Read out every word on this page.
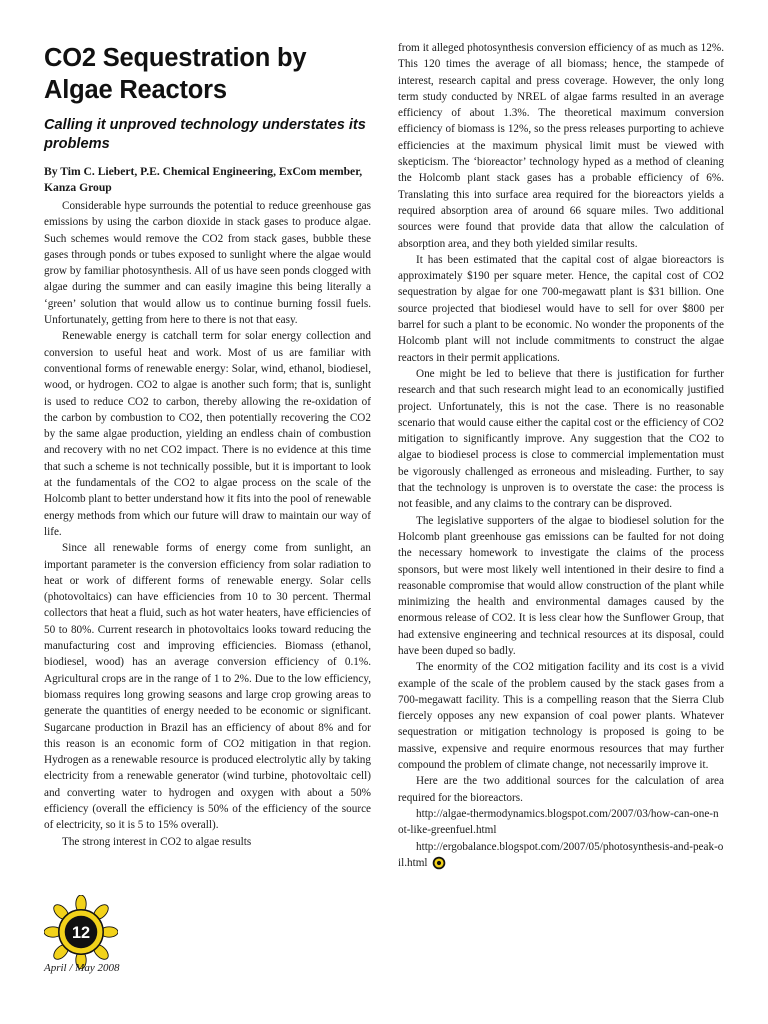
CO2 Sequestration by Algae Reactors
Calling it unproved technology understates its problems
By Tim C. Liebert, P.E. Chemical Engineering, ExCom member, Kanza Group

Considerable hype surrounds the potential to reduce greenhouse gas emissions by using the carbon dioxide in stack gases to produce algae. Such schemes would remove the CO2 from stack gases, bubble these gases through ponds or tubes exposed to sunlight where the algae would grow by familiar photosynthesis. All of us have seen ponds clogged with algae during the summer and can easily imagine this being literally a ‘green’ solution that would allow us to continue burning fossil fuels. Unfortunately, getting from here to there is not that easy.

Renewable energy is catchall term for solar energy collection and conversion to useful heat and work. Most of us are familiar with conventional forms of renewable energy: Solar, wind, ethanol, biodiesel, wood, or hydrogen. CO2 to algae is another such form; that is, sunlight is used to reduce CO2 to carbon, thereby allowing the re-oxidation of the carbon by combustion to CO2, then potentially recovering the CO2 by the same algae production, yielding an endless chain of combustion and recovery with no net CO2 impact. There is no evidence at this time that such a scheme is not technically possible, but it is important to look at the fundamentals of the CO2 to algae process on the scale of the Holcomb plant to better understand how it fits into the pool of renewable energy methods from which our future will draw to maintain our way of life.

Since all renewable forms of energy come from sunlight, an important parameter is the conversion efficiency from solar radiation to heat or work of different forms of renewable energy. Solar cells (photovoltaics) can have efficiencies from 10 to 30 percent. Thermal collectors that heat a fluid, such as hot water heaters, have efficiencies of 50 to 80%. Current research in photovoltaics looks toward reducing the manufacturing cost and improving efficiencies. Biomass (ethanol, biodiesel, wood) has an average conversion efficiency of 0.1%. Agricultural crops are in the range of 1 to 2%. Due to the low efficiency, biomass requires long growing seasons and large crop growing areas to generate the quantities of energy needed to be economic or significant. Sugarcane production in Brazil has an efficiency of about 8% and for this reason is an economic form of CO2 mitigation in that region. Hydrogen as a renewable resource is produced electrolytic ally by taking electricity from a renewable generator (wind turbine, photovoltaic cell) and converting water to hydrogen and oxygen with about a 50% efficiency (overall the efficiency is 50% of the efficiency of the source of electricity, so it is 5 to 15% overall).

The strong interest in CO2 to algae results

from it alleged photosynthesis conversion efficiency of as much as 12%. This 120 times the average of all biomass; hence, the stampede of interest, research capital and press coverage. However, the only long term study conducted by NREL of algae farms resulted in an average efficiency of about 1.3%. The theoretical maximum conversion efficiency of biomass is 12%, so the press releases purporting to achieve efficiencies at the maximum physical limit must be viewed with skepticism. The ‘bioreactor’ technology hyped as a method of cleaning the Holcomb plant stack gases has a probable efficiency of 6%. Translating this into surface area required for the bioreactors yields a required absorption area of around 66 square miles. Two additional sources were found that provide data that allow the calculation of absorption area, and they both yielded similar results.

It has been estimated that the capital cost of algae bioreactors is approximately $190 per square meter. Hence, the capital cost of CO2 sequestration by algae for one 700-megawatt plant is $31 billion. One source projected that biodiesel would have to sell for over $800 per barrel for such a plant to be economic. No wonder the proponents of the Holcomb plant will not include commitments to construct the algae reactors in their permit applications.

One might be led to believe that there is justification for further research and that such research might lead to an economically justified project. Unfortunately, this is not the case. There is no reasonable scenario that would cause either the capital cost or the efficiency of CO2 mitigation to significantly improve. Any suggestion that the CO2 to algae to biodiesel process is close to commercial implementation must be vigorously challenged as erroneous and misleading. Further, to say that the technology is unproven is to overstate the case: the process is not feasible, and any claims to the contrary can be disproved.

The legislative supporters of the algae to biodiesel solution for the Holcomb plant greenhouse gas emissions can be faulted for not doing the necessary homework to investigate the claims of the process sponsors, but were most likely well intentioned in their desire to find a reasonable compromise that would allow construction of the plant while minimizing the health and environmental damages caused by the enormous release of CO2. It is less clear how the Sunflower Group, that had extensive engineering and technical resources at its disposal, could have been duped so badly.

The enormity of the CO2 mitigation facility and its cost is a vivid example of the scale of the problem caused by the stack gases from a 700-megawatt facility. This is a compelling reason that the Sierra Club fiercely opposes any new expansion of coal power plants. Whatever sequestration or mitigation technology is proposed is going to be massive, expensive and require enormous resources that may further compound the problem of climate change, not necessarily improve it.

Here are the two additional sources for the calculation of area required for the bioreactors.

http://algae-thermodynamics.blogspot.com/2007/03/how-can-one-not-like-greenfuel.html

http://ergobalance.blogspot.com/2007/05/photosynthesis-and-peak-oil.html

12
April / May 2008
